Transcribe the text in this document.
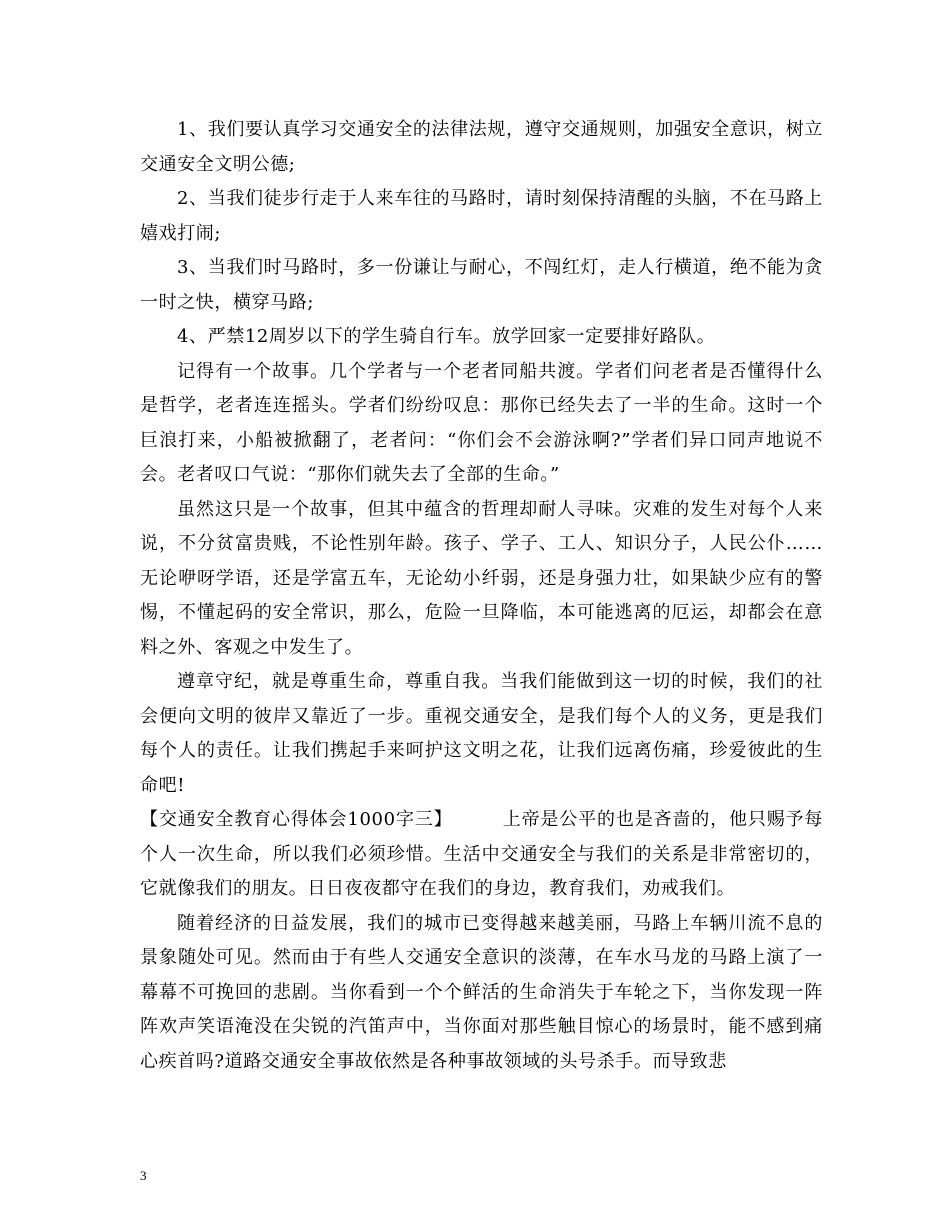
1、我们要认真学习交通安全的法律法规，遵守交通规则，加强安全意识，树立交通安全文明公德;

2、当我们徒步行走于人来车往的马路时，请时刻保持清醒的头脑，不在马路上嬉戏打闹;

3、当我们时马路时，多一份谦让与耐心，不闯红灯，走人行横道，绝不能为贪一时之快，横穿马路;

4、严禁12周岁以下的学生骑自行车。放学回家一定要排好路队。

记得有一个故事。几个学者与一个老者同船共渡。学者们问老者是否懂得什么是哲学，老者连连摇头。学者们纷纷叹息：那你已经失去了一半的生命。这时一个巨浪打来，小船被掀翻了，老者问：“你们会不会游泳啊?”学者们异口同声地说不会。老者叹口气说：“那你们就失去了全部的生命。”

虽然这只是一个故事，但其中蕴含的哲理却耐人寻味。灾难的发生对每个人来说，不分贫富贵贱，不论性别年龄。孩子、学子、工人、知识分子，人民公仆……无论咿呀学语，还是学富五车，无论幼小纤弱，还是身强力壮，如果缺少应有的警惕，不懂起码的安全常识，那么，危险一旦降临，本可能逃离的厄运，却都会在意料之外、客观之中发生了。

遵章守纪，就是尊重生命，尊重自我。当我们能做到这一切的时候，我们的社会便向文明的彼岸又靠近了一步。重视交通安全，是我们每个人的义务，更是我们每个人的责任。让我们携起手来呵护这文明之花，让我们远离伤痛，珍爱彼此的生命吧!

【交通安全教育心得体会1000字三】	上帝是公平的也是吝啬的，他只赐予每个人一次生命，所以我们必须珍惜。生活中交通安全与我们的关系是非常密切的，它就像我们的朋友。日日夜夜都守在我们的身边，教育我们，劝戒我们。

随着经济的日益发展，我们的城市已变得越来越美丽，马路上车辆川流不息的景象随处可见。然而由于有些人交通安全意识的淡薄，在车水马龙的马路上演了一幕幕不可挽回的悲剧。当你看到一个个鲜活的生命消失于车轮之下，当你发现一阵阵欢声笑语淹没在尖锐的汽笛声中，当你面对那些触目惊心的场景时，能不感到痛心疾首吗?道路交通安全事故依然是各种事故领域的头号杀手。而导致悲

3
